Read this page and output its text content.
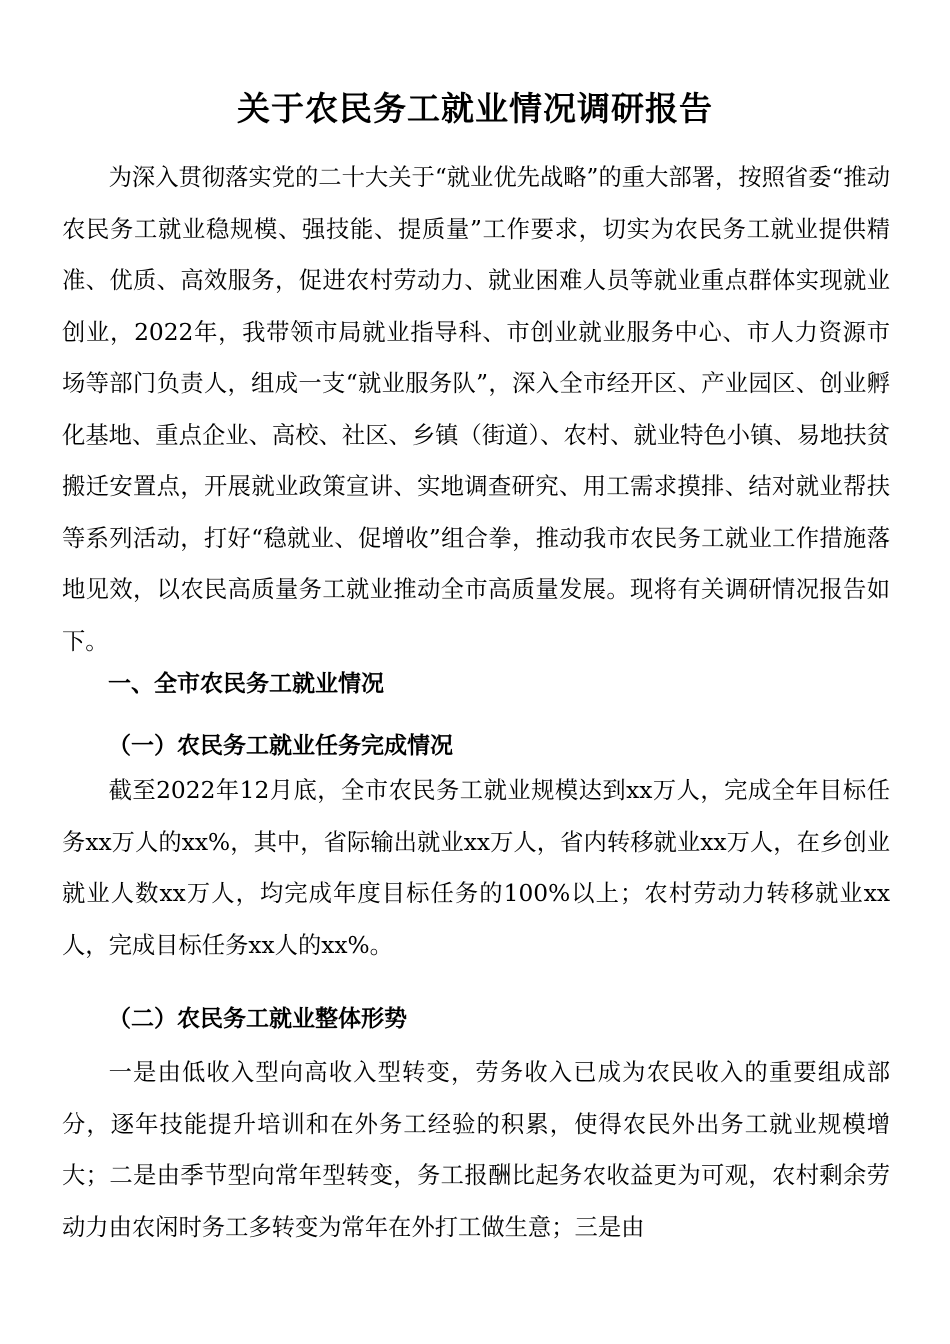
关于农民务工就业情况调研报告

为深入贯彻落实党的二十大关于“就业优先战略”的重大部署，按照省委“推动农民务工就业稳规模、强技能、提质量”工作要求，切实为农民务工就业提供精准、优质、高效服务，促进农村劳动力、就业困难人员等就业重点群体实现就业创业，2022年，我带领市局就业指导科、市创业就业服务中心、市人力资源市场等部门负责人，组成一支“就业服务队”，深入全市经开区、产业园区、创业孵化基地、重点企业、高校、社区、乡镇（街道）、农村、就业特色小镇、易地扶贫搬迁安置点，开展就业政策宣讲、实地调查研究、用工需求摸排、结对就业帮扶等系列活动，打好“稳就业、促增收”组合拳，推动我市农民务工就业工作措施落地见效，以农民高质量务工就业推动全市高质量发展。现将有关调研情况报告如下。

一、全市农民务工就业情况
（一）农民务工就业任务完成情况

截至2022年12月底，全市农民务工就业规模达到xx万人，完成全年目标任务xx万人的xx%，其中，省际输出就业xx万人，省内转移就业xx万人，在乡创业就业人数xx万人，均完成年度目标任务的100%以上；农村劳动力转移就业xx人，完成目标任务xx人的xx%。

（二）农民务工就业整体形势

一是由低收入型向高收入型转变，劳务收入已成为农民收入的重要组成部分，逐年技能提升培训和在外务工经验的积累，使得农民外出务工就业规模增大；二是由季节型向常年型转变，务工报酬比起务农收益更为可观，农村剩余劳动力由农闲时务工多转变为常年在外打工做生意；三是由
